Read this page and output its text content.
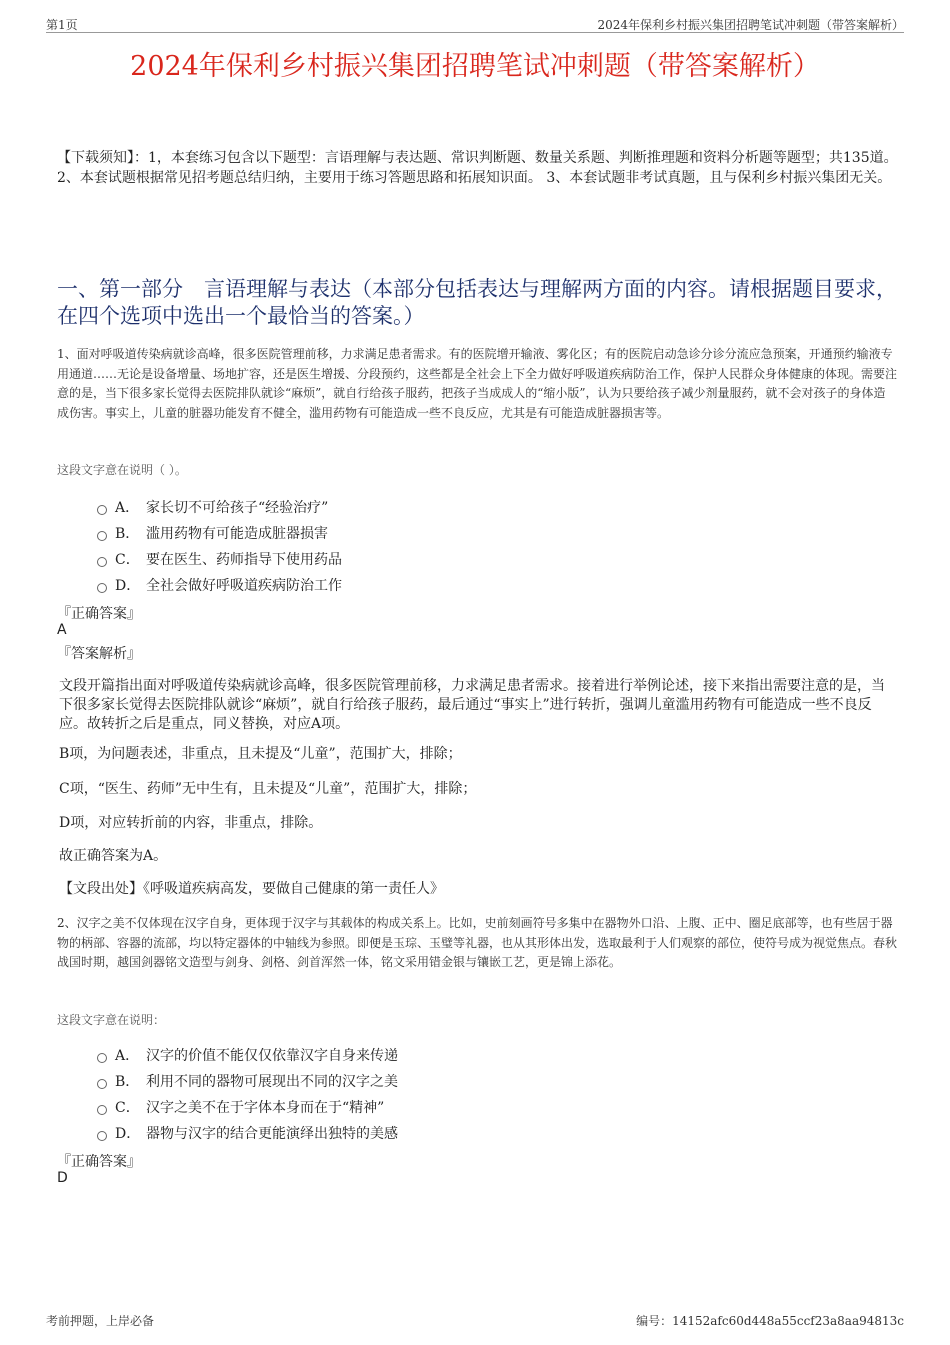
第1页	2024年保利乡村振兴集团招聘笔试冲刺题（带答案解析）
2024年保利乡村振兴集团招聘笔试冲刺题（带答案解析）
【下载须知】：1，本套练习包含以下题型：言语理解与表达题、常识判断题、数量关系题、判断推理题和资料分析题等题型；共135道。 2、本套试题根据常见招考题总结归纳，主要用于练习答题思路和拓展知识面。 3、本套试题非考试真题，且与保利乡村振兴集团无关。
一、第一部分　言语理解与表达（本部分包括表达与理解两方面的内容。请根据题目要求，在四个选项中选出一个最恰当的答案。）
1、面对呼吸道传染病就诊高峰，很多医院管理前移，力求满足患者需求。有的医院增开输液、雾化区；有的医院启动急诊分诊分流应急预案，开通预约输液专用通道……无论是设备增量、场地扩容，还是医生增援、分段预约，这些都是全社会上下全力做好呼吸道疾病防治工作，保护人民群众身体健康的体现。需要注意的是，当下很多家长觉得去医院排队就诊“麻烦”，就自行给孩子服药，把孩子当成成人的“缩小版”，认为只要给孩子减少剂量服药，就不会对孩子的身体造成伤害。事实上，儿童的脏器功能发育不健全，滥用药物有可能造成一些不良反应，尤其是有可能造成脏器损害等。
这段文字意在说明（ ）。
A． 家长切不可给孩子“经验治疗”
B． 滥用药物有可能造成脏器损害
C． 要在医生、药师指导下使用药品
D． 全社会做好呼吸道疾病防治工作
『正确答案』
A
『答案解析』
文段开篇指出面对呼吸道传染病就诊高峰，很多医院管理前移，力求满足患者需求。接着进行举例论述，接下来指出需要注意的是，当下很多家长觉得去医院排队就诊“麻烦”，就自行给孩子服药，最后通过“事实上”进行转折，强调儿童滥用药物有可能造成一些不良反应。故转折之后是重点，同义替换，对应A项。
B项，为问题表述，非重点，且未提及“儿童”，范围扩大，排除；
C项，“医生、药师”无中生有，且未提及“儿童”，范围扩大，排除；
D项，对应转折前的内容，非重点，排除。
故正确答案为A。
【文段出处】《呼吸道疾病高发，要做自己健康的第一责任人》
2、汉字之美不仅体现在汉字自身，更体现于汉字与其载体的构成关系上。比如，史前刻画符号多集中在器物外口沿、上腹、正中、圈足底部等，也有些居于器物的柄部、容器的流部，均以特定器体的中轴线为参照。即便是玉琮、玉璧等礼器，也从其形体出发，选取最利于人们观察的部位，使符号成为视觉焦点。春秋战国时期，越国剑器铭文造型与剑身、剑格、剑首浑然一体，铭文采用错金银与镶嵌工艺，更是锦上添花。
这段文字意在说明：
A． 汉字的价值不能仅仅依靠汉字自身来传递
B． 利用不同的器物可展现出不同的汉字之美
C． 汉字之美不在于字体本身而在于“精神”
D． 器物与汉字的结合更能演绎出独特的美感
『正确答案』
D
考前押题，上岸必备	编号：14152afc60d448a55ccf23a8aa94813c
